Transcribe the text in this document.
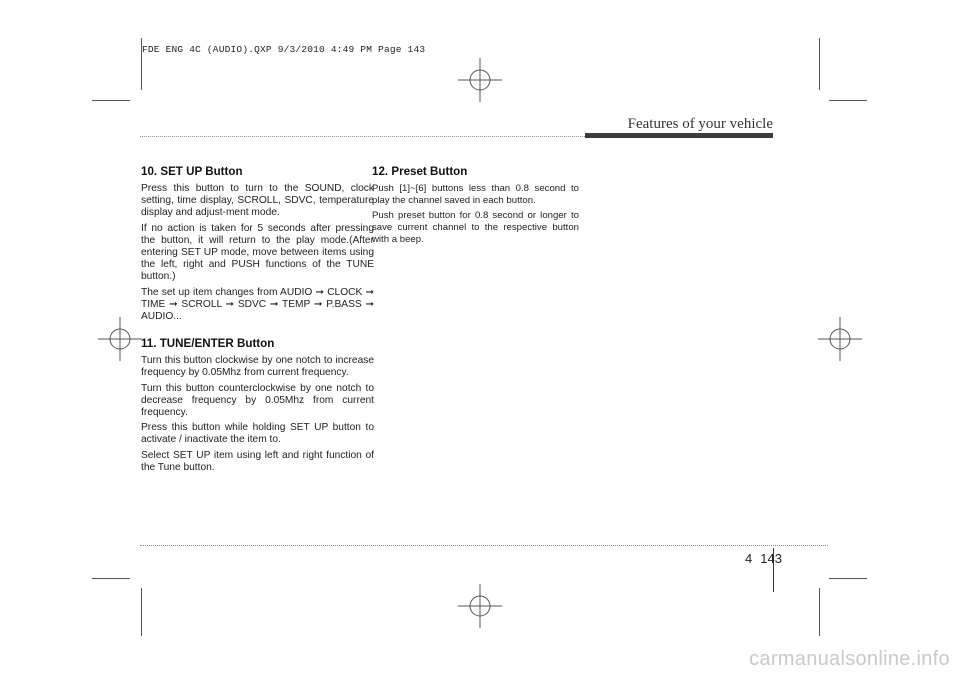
FDE ENG 4C (AUDIO).QXP 9/3/2010 4:49 PM Page 143
Features of your vehicle
10. SET UP Button

Press this button to turn to the SOUND, clock setting, time display, SCROLL, SDVC, temperature display and adjust-ment mode.

If no action is taken for 5 seconds after pressing the button, it will return to the play mode.(After entering SET UP mode, move between items using the left, right and PUSH functions of the TUNE button.)

The set up item changes from AUDIO ➞ CLOCK ➞ TIME ➞ SCROLL ➞ SDVC ➞ TEMP ➞ P.BASS ➞ AUDIO...

11. TUNE/ENTER Button

Turn this button clockwise by one notch to increase frequency by 0.05Mhz from current frequency.

Turn this button counterclockwise by one notch to decrease frequency by 0.05Mhz from current frequency.

Press this button while holding SET UP button to activate / inactivate the item to.

Select SET UP item using left and right function of the Tune button.

12. Preset Button

Push [1]~[6] buttons less than 0.8 second to play the channel saved in each button.

Push preset button for 0.8 second or longer to save current channel to the respective button with a beep.

4 143
carmanualsonline.info
